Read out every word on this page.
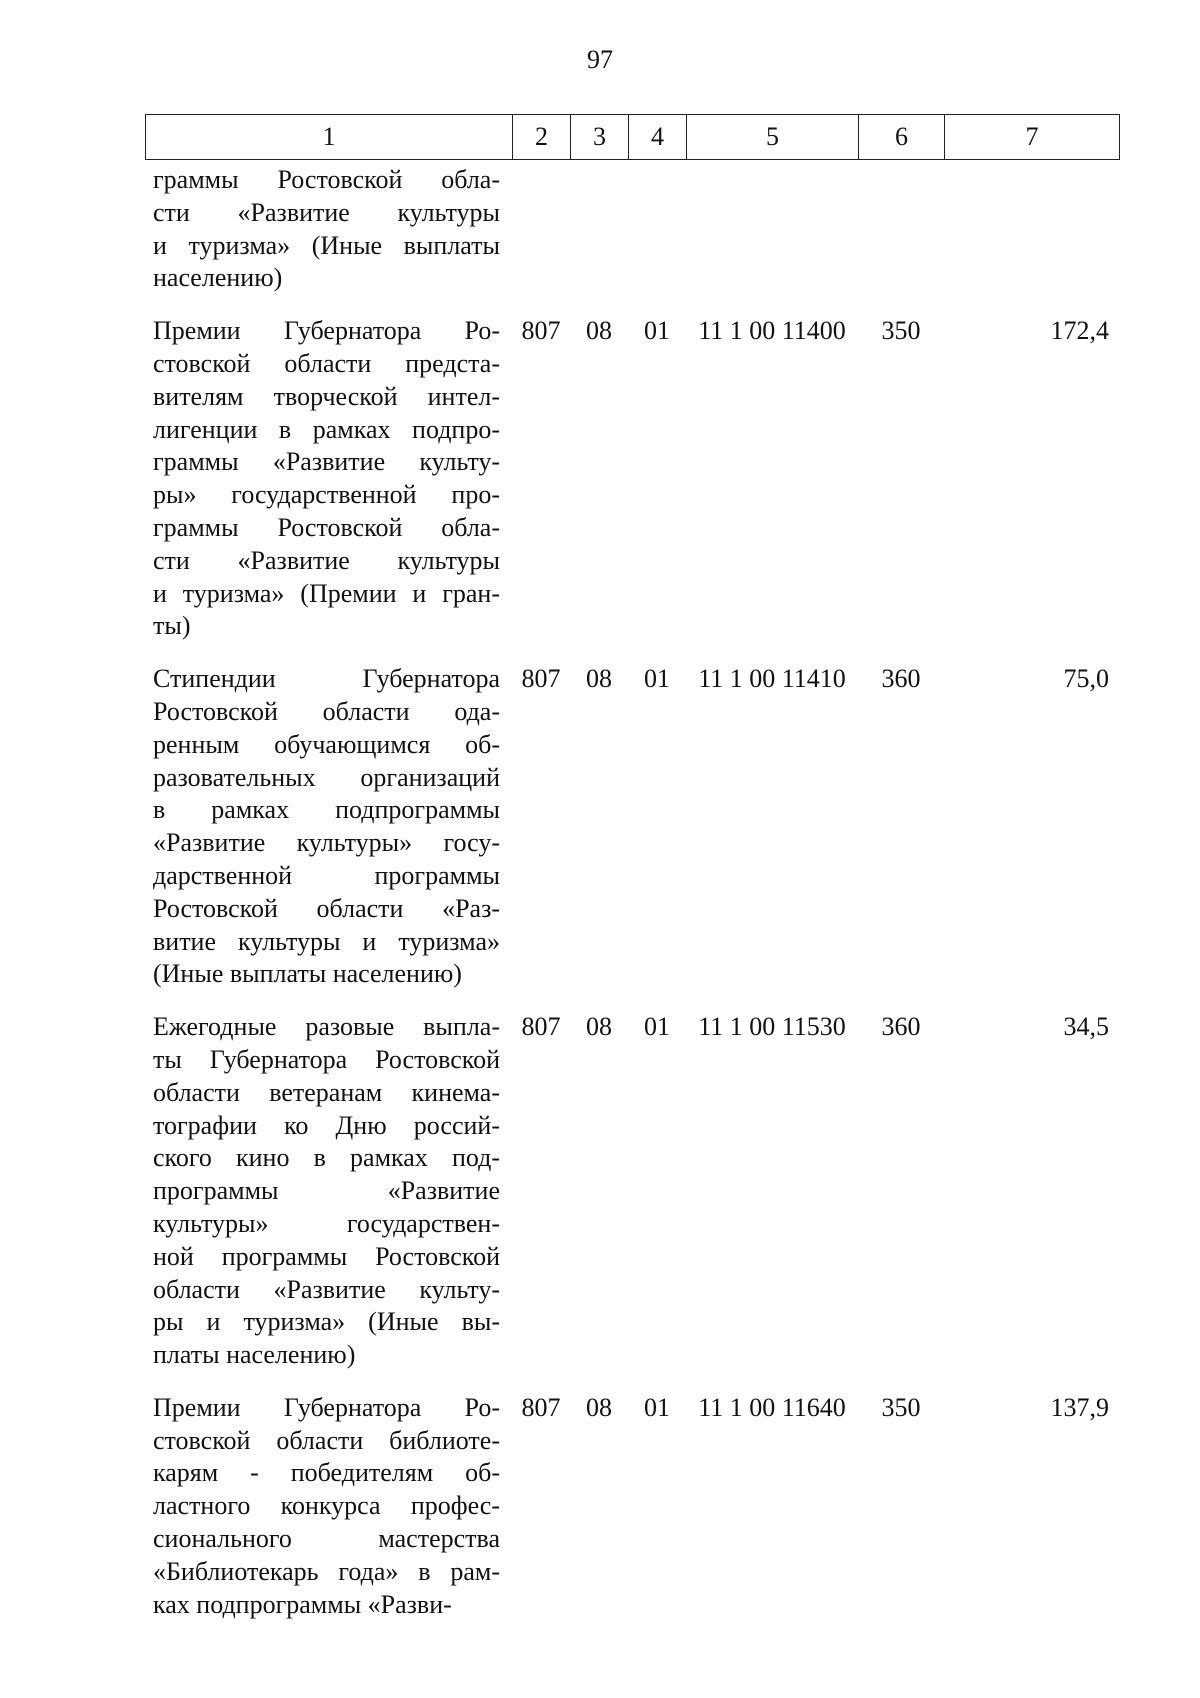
97
1	2	3	4	5	6	7
граммы Ростовской обла-
сти «Развитие культуры
и туризма» (Иные выплаты
населению)
Премии Губернатора Ро-
стовской области предста-
вителям творческой интел-
лигенции в рамках подпро-
граммы «Развитие культу-
ры» государственной про-
граммы Ростовской обла-
сти «Развитие культуры
и туризма» (Премии и гран-
ты)
807 08	01	11 1 00 11400	350	172,4
Стипендии Губернатора
Ростовской области ода-
ренным обучающимся об-
разовательных организаций
в рамках подпрограммы
«Развитие культуры» госу-
дарственной программы
Ростовской области «Раз-
витие культуры и туризма»
(Иные выплаты населению)
807 08	01	11 1 00 11410	360	75,0
Ежегодные разовые выпла-
ты Губернатора Ростовской
области ветеранам кинема-
тографии ко Дню россий-
ского кино в рамках под-
программы «Развитие
культуры» государствен-
ной программы Ростовской
области «Развитие культу-
ры и туризма» (Иные вы-
платы населению)
807 08	01	11 1 00 11530	360	34,5
Премии Губернатора Ро-
стовской области библиоте-
карям - победителям об-
ластного конкурса профес-
сионального мастерства
«Библиотекарь года» в рам-
ках подпрограммы «Разви-
807 08	01	11 1 00 11640	350	137,9
